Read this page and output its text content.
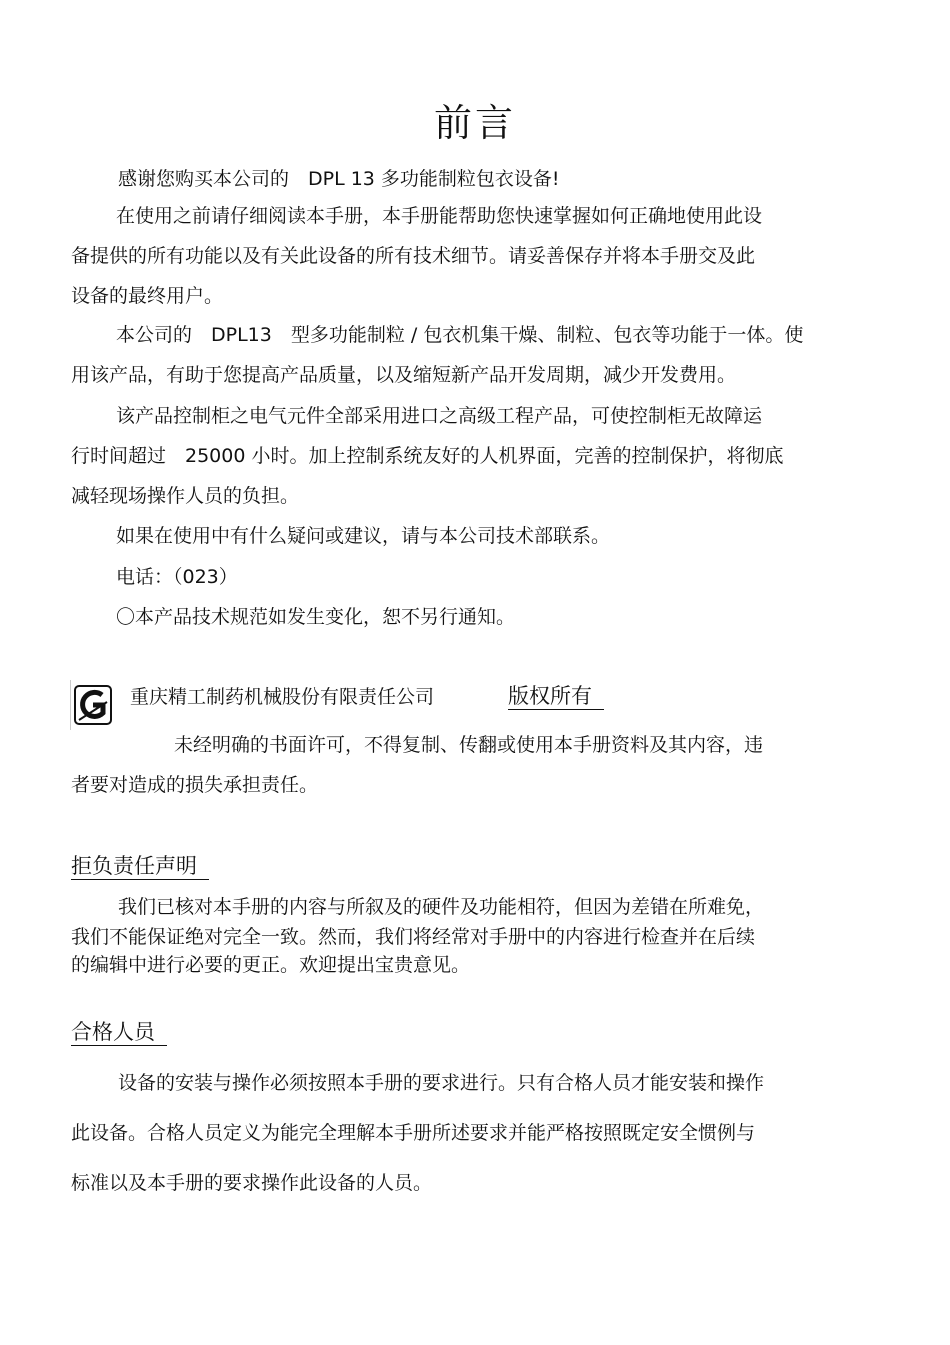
前言
感谢您购买本公司的　DPL 1​3 多功能制粒包衣设备!
在使用之前请仔细阅读本手册，本手册能帮助您快速掌握如何正确地使用此设
备提供的所有功能以及有关此设备的所有技术细节。请妥善保存并将本手册交及此
设备的最终用户。
本公司的　DPL13　型多功能制粒 / 包衣机集干燥、制粒、包衣等功能于一体。使
用该产品，有助于您提高产品质量，以及缩短新产品开发周期，减少开发费用。
该产品控制柜之电气元件全部采用进口之高级工程产品，可使控制柜无故障运
行时间超过　25000 小时。加上控制系统友好的人机界面，完善的控制保护，将彻底
减轻现场操作人员的负担。
如果在使用中有什么疑问或建议，请与本公司技术部联系。
电话：（023）
〇本产品技术规范如发生变化，恕不另行通知。
重庆精工制药机械股份有限责任公司	版权所有
未经明确的书面许可，不得复制、传翻或使用本手册资料及其内容，违
者要对造成的损失承担责任。
拒负责任声明
我们已核对本手册的内容与所叙及的硬件及功能相符，但因为差错在所难免，
我们不能保证绝对完全一致。然而，我们将经常对手册中的内容进行检查并在后续
的编辑中进行必要的更正。欢迎提出宝贵意见。
合格人员
设备的安装与操作必须按照本手册的要求进行。只有合格人员才能安装和操作
此设备。合格人员定义为能完全理解本手册所述要求并能严格按照既定安全惯例与
标准以及本手册的要求操作此设备的人员。
